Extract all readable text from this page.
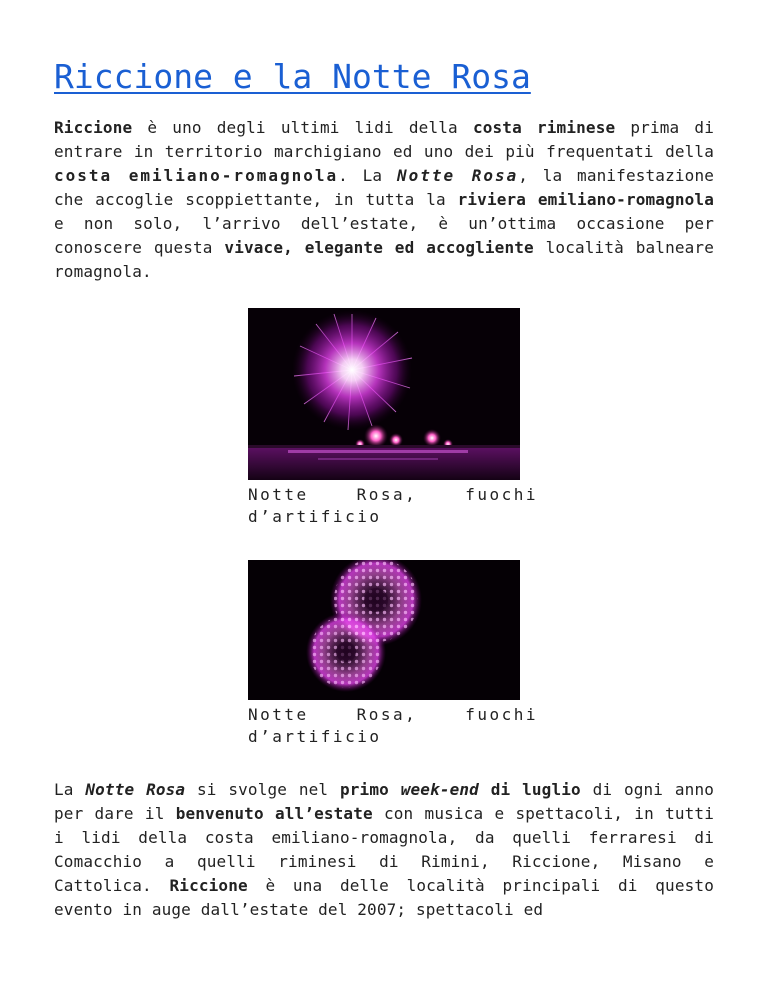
Riccione e la Notte Rosa

Riccione è uno degli ultimi lidi della costa riminese prima di entrare in territorio marchigiano ed uno dei più frequentati della costa emiliano-romagnola. La Notte Rosa, la manifestazione che accoglie scoppiettante, in tutta la riviera emiliano-romagnola e non solo, l’arrivo dell’estate, è un’ottima occasione per conoscere questa vivace, elegante ed accogliente località balneare romagnola.

Notte Rosa, fuochi d’artificio
Notte Rosa, fuochi d’artificio

La Notte Rosa si svolge nel primo week-end di luglio di ogni anno per dare il benvenuto all’estate con musica e spettacoli, in tutti i lidi della costa emiliano-romagnola, da quelli ferraresi di Comacchio a quelli riminesi di Rimini, Riccione, Misano e Cattolica. Riccione è una delle località principali di questo evento in auge dall’estate del 2007; spettacoli ed
